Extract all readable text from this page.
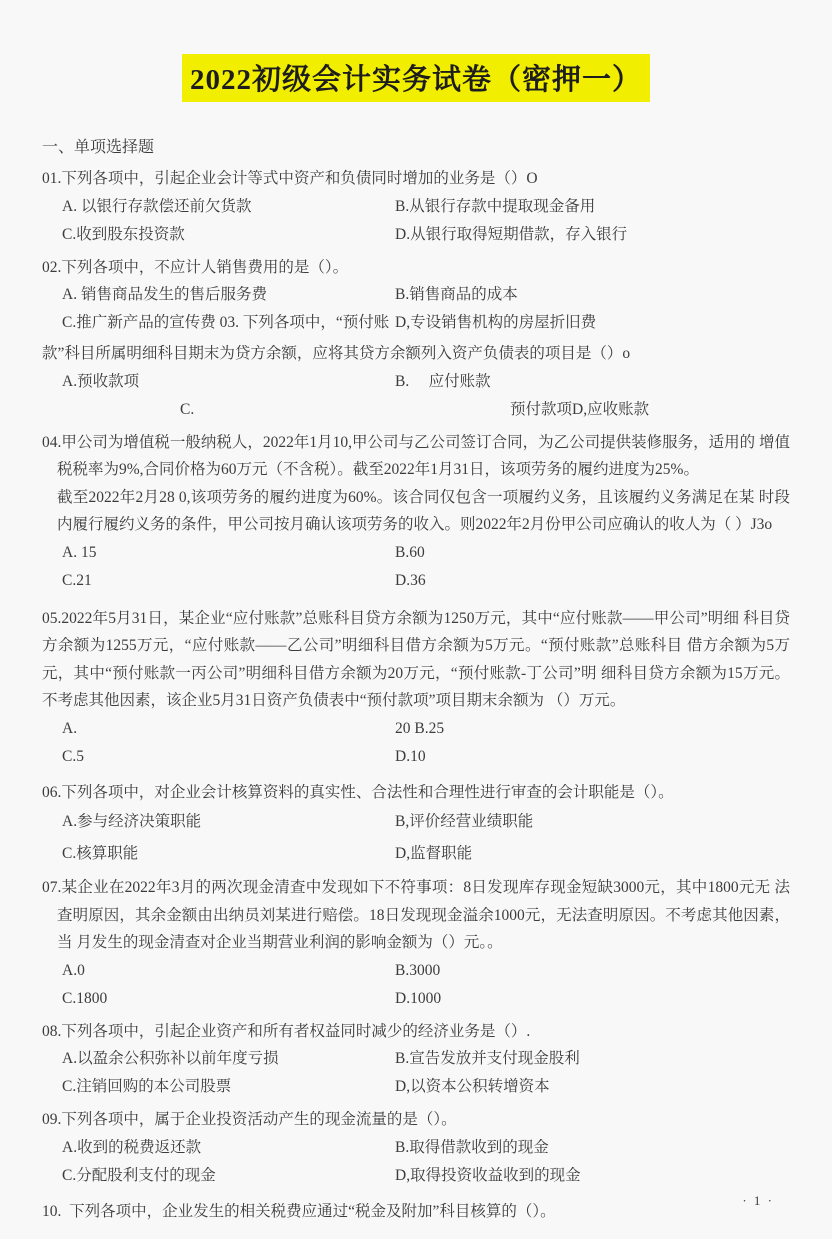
2022初级会计实务试卷（密押一）

一、单项选择题

01.下列各项中，引起企业会计等式中资产和负债同时增加的业务是（）O

A. 以银行存款偿还前欠货款	B.从银行存款中提取现金备用
C.收到股东投资款	D.从银行取得短期借款，存入银行

02.下列各项中，不应计人销售费用的是（）。

A. 销售商品发生的售后服务费	B.销售商品的成本
C.推广新产品的宣传费 03. 下列各项中，“预付账 D,专设销售机构的房屋折旧费

款”科目所属明细科目期末为贷方余额，应将其贷方余额列入资产负债表的项目是（）o

A.预收款项	B.     应付账款
C.	预付款项D,应收账款

04.甲公司为增值税一般纳税人，2022年1月10,甲公司与乙公司签订合同，为乙公司提供装修服务，适用的 增值税税率为9%,合同价格为60万元（不含税）。截至2022年1月31日，该项劳务的履约进度为25%。

截至2022年2月28 0,该项劳务的履约进度为60%。该合同仅包含一项履约义务，且该履约义务满足在某 时段内履行履约义务的条件，甲公司按月确认该项劳务的收入。则2022年2月份甲公司应确认的收人为（ ）J3o

A. 15	B.60
C.21	D.36

05.2022年5月31日，某企业“应付账款”总账科目贷方余额为1250万元，其中“应付账款——甲公司”明细 科目贷方余额为1255万元，“应付账款——乙公司”明细科目借方余额为5万元。“预付账款”总账科目 借方余额为5万元，其中“预付账款一丙公司”明细科目借方余额为20万元，“预付账款-丁公司”明 细科目贷方余额为15万元。不考虑其他因素，该企业5月31日资产负债表中“预付款项”项目期末余额为 （）万元。

A.	20 B.25
C.5	D.10

06.下列各项中，对企业会计核算资料的真实性、合法性和合理性进行审查的会计职能是（）。

A.参与经济决策职能	B,评价经营业绩职能
C.核算职能	D,监督职能

07.某企业在2022年3月的两次现金清查中发现如下不符事项：8日发现库存现金短缺3000元，其中1800元无 法查明原因，其余金额由出纳员刘某进行赔偿。18日发现现金溢余1000元，无法查明原因。不考虑其他因素，当 月发生的现金清查对企业当期营业利润的影响金额为（）元。。

A.0	B.3000
C.1800	D.1000

08.下列各项中，引起企业资产和所有者权益同时减少的经济业务是（）.

A.以盈余公积弥补以前年度亏损	B.宣告发放并支付现金股利
C.注销回购的本公司股票	D,以资本公积转增资本

09.下列各项中，属于企业投资活动产生的现金流量的是（）。

A.收到的税费返还款	B.取得借款收到的现金
C.分配股利支付的现金	D,取得投资收益收到的现金

10.  下列各项中，企业发生的相关税费应通过“税金及附加”科目核算的（）。

· 1 ·
